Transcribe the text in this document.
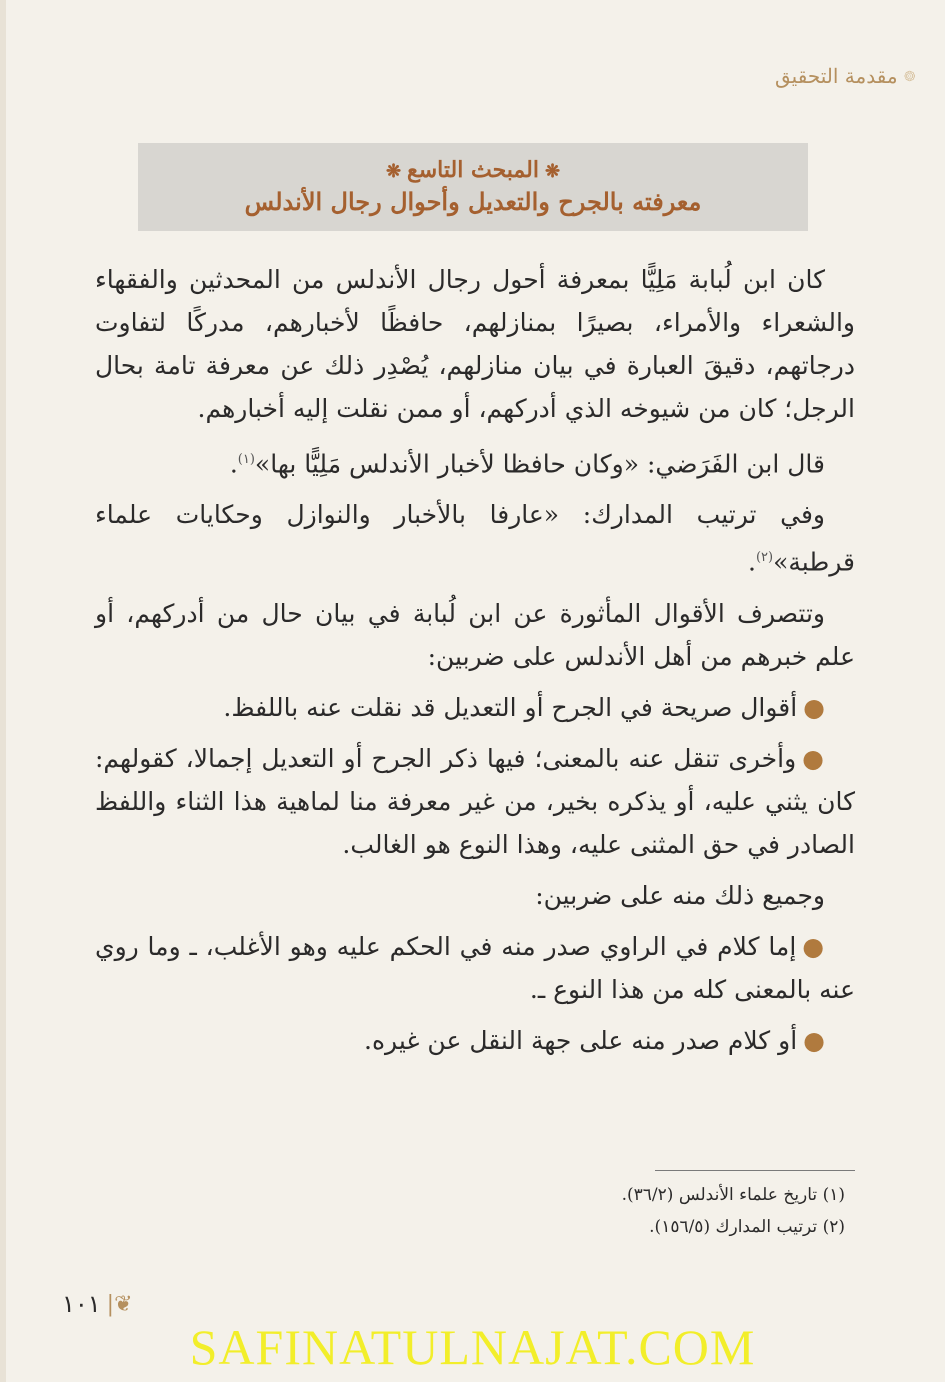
مقدمة التحقيق
❋المبحث التاسع❋
معرفته بالجرح والتعديل وأحوال رجال الأندلس

كان ابن لُبابة مَلِيًّا بمعرفة أحول رجال الأندلس من المحدثين والفقهاء والشعراء والأمراء، بصيرًا بمنازلهم، حافظًا لأخبارهم، مدركًا لتفاوت درجاتهم، دقيقَ العبارة في بيان منازلهم، يُصْدِر ذلك عن معرفة تامة بحال الرجل؛ كان من شيوخه الذي أدركهم، أو ممن نقلت إليه أخبارهم.

قال ابن الفَرَضي: «وكان حافظا لأخبار الأندلس مَلِيًّا بها»$^{(١)}$.

وفي ترتيب المدارك: «عارفا بالأخبار والنوازل وحكايات علماء قرطبة»$^{(٢)}$.

وتتصرف الأقوال المأثورة عن ابن لُبابة في بيان حال من أدركهم، أو علم خبرهم من أهل الأندلس على ضربين:

●أقوال صريحة في الجرح أو التعديل قد نقلت عنه باللفظ.

●وأخرى تنقل عنه بالمعنى؛ فيها ذكر الجرح أو التعديل إجمالا، كقولهم: كان يثني عليه، أو يذكره بخير، من غير معرفة منا لماهية هذا الثناء واللفظ الصادر في حق المثنى عليه، وهذا النوع هو الغالب.

وجميع ذلك منه على ضربين:

●إما كلام في الراوي صدر منه في الحكم عليه وهو الأغلب، ـ وما روي عنه بالمعنى كله من هذا النوع ـ.

●أو كلام صدر منه على جهة النقل عن غيره.

(١) تاريخ علماء الأندلس (٣٦/٢).
(٢) ترتيب المدارك (١٥٦/٥).
١٠١ |❦
SAFINATULNAJAT.COM
